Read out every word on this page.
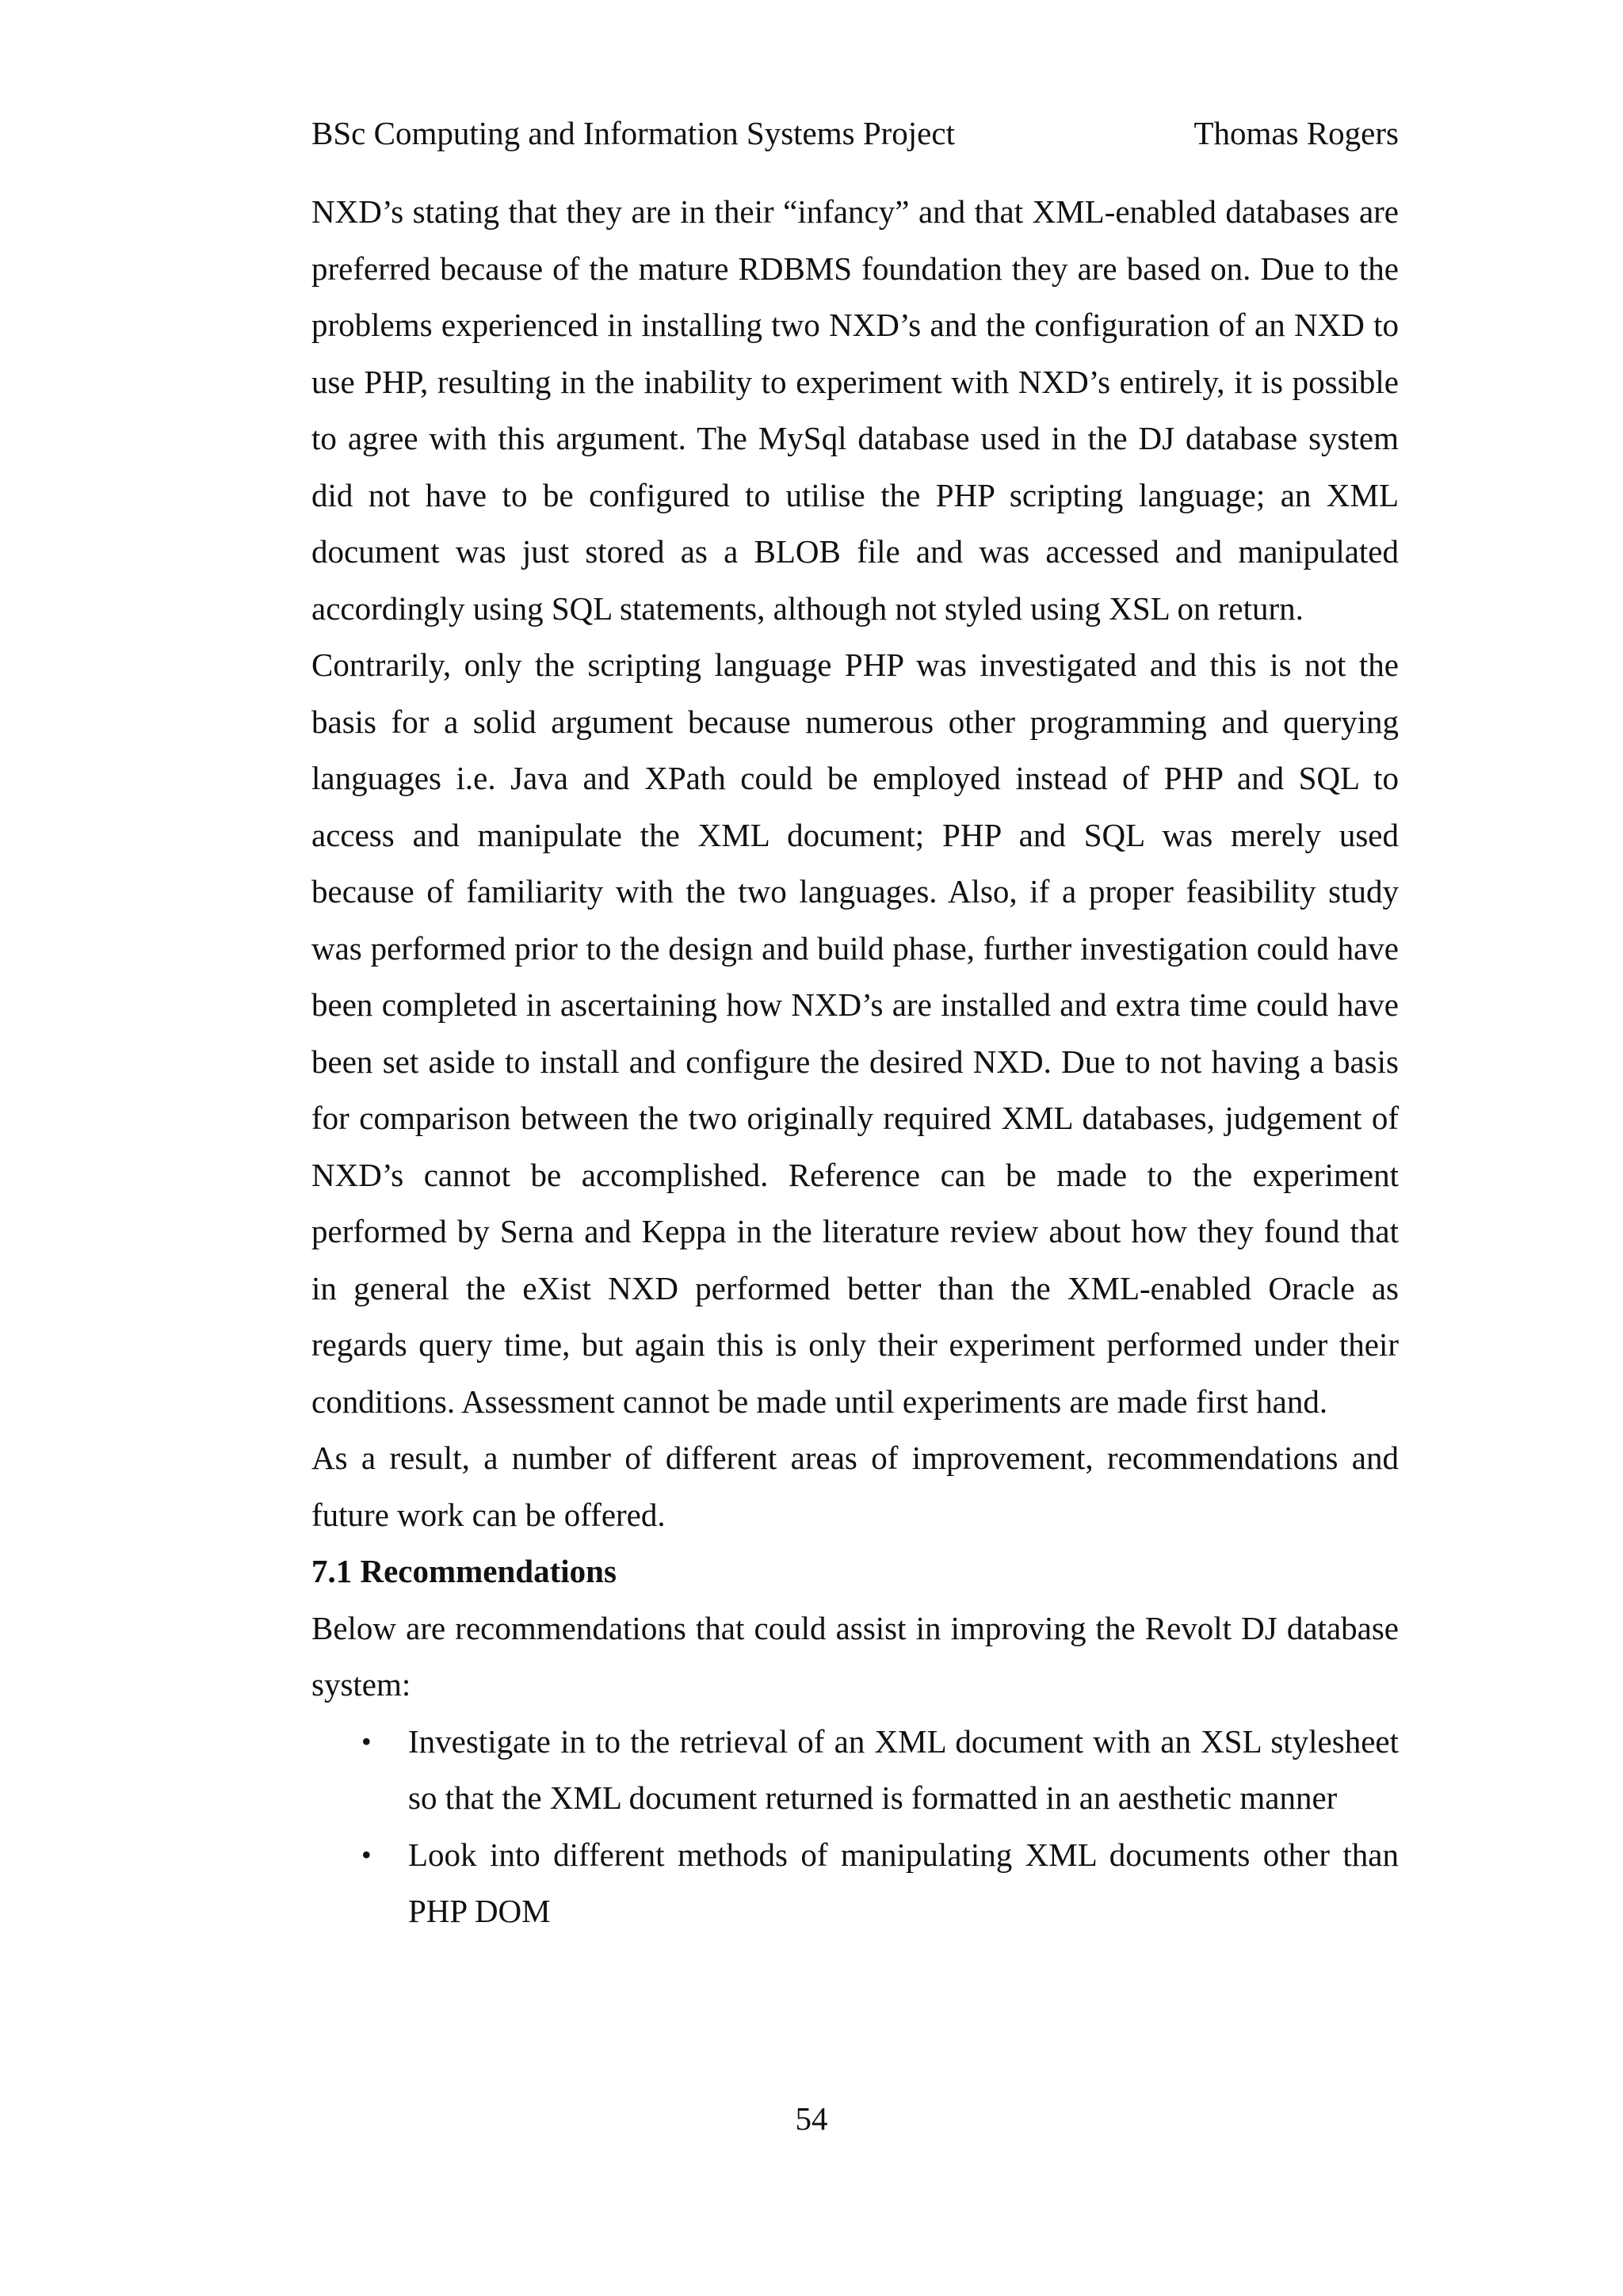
BSc Computing and Information Systems Project	Thomas Rogers

NXD’s stating that they are in their “infancy” and that XML-enabled databases are preferred because of the mature RDBMS foundation they are based on. Due to the problems experienced in installing two NXD’s and the configuration of an NXD to use PHP, resulting in the inability to experiment with NXD’s entirely, it is possible to agree with this argument. The MySql database used in the DJ database system did not have to be configured to utilise the PHP scripting language; an XML document was just stored as a BLOB file and was accessed and manipulated accordingly using SQL statements, although not styled using XSL on return.

Contrarily, only the scripting language PHP was investigated and this is not the basis for a solid argument because numerous other programming and querying languages i.e. Java and XPath could be employed instead of PHP and SQL to access and manipulate the XML document; PHP and SQL was merely used because of familiarity with the two languages. Also, if a proper feasibility study was performed prior to the design and build phase, further investigation could have been completed in ascertaining how NXD’s are installed and extra time could have been set aside to install and configure the desired NXD. Due to not having a basis for comparison between the two originally required XML databases, judgement of NXD’s cannot be accomplished. Reference can be made to the experiment performed by Serna and Keppa in the literature review about how they found that in general the eXist NXD performed better than the XML-enabled Oracle as regards query time, but again this is only their experiment performed under their conditions. Assessment cannot be made until experiments are made first hand.

As a result, a number of different areas of improvement, recommendations and future work can be offered.

7.1 Recommendations

Below are recommendations that could assist in improving the Revolt DJ database system:

• Investigate in to the retrieval of an XML document with an XSL stylesheet so that the XML document returned is formatted in an aesthetic manner
• Look into different methods of manipulating XML documents other than PHP DOM
54
